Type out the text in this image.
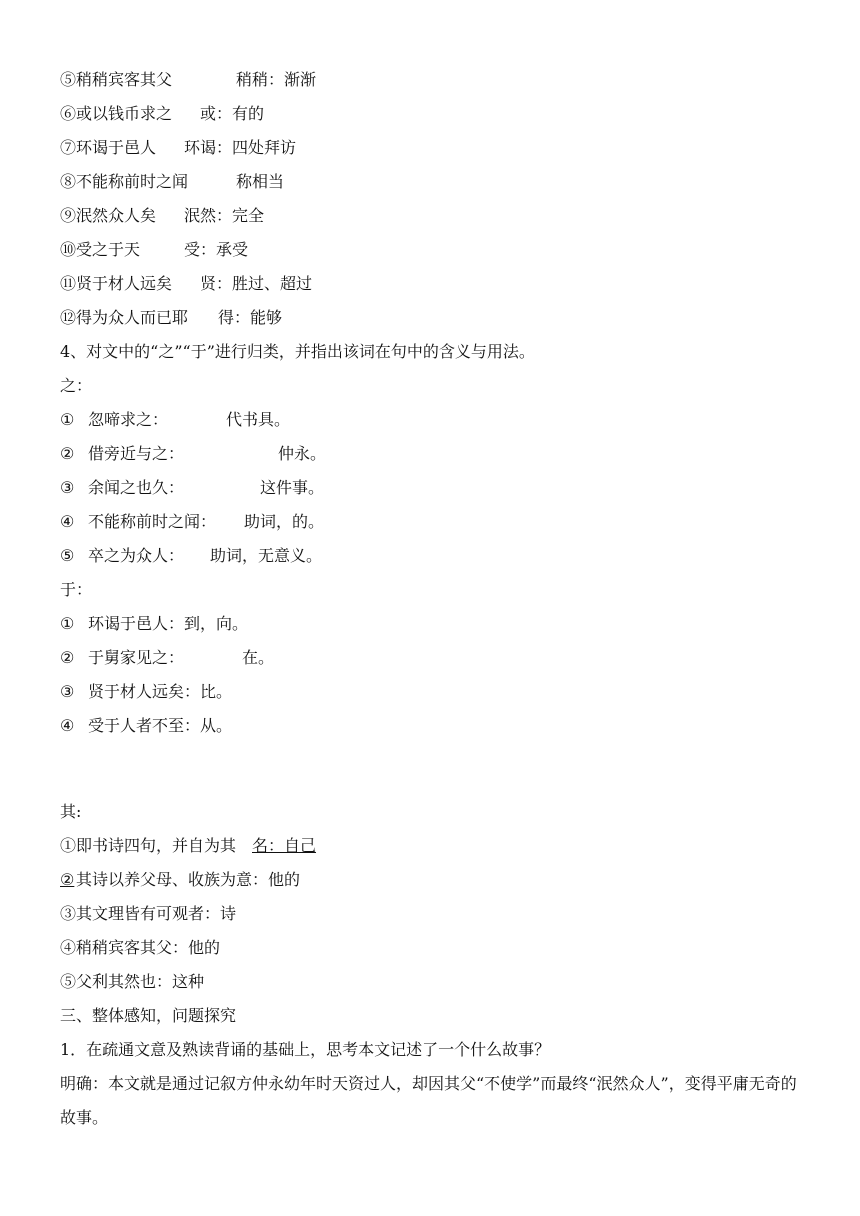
⑤稍稍宾客其父	稍稍：渐渐
⑥或以钱币求之 或：有的
⑦环谒于邑人 环谒：四处拜访
⑧不能称前时之闻	称相当
⑨泯然众人矣 泯然：完全
⑩受之于天	受：承受
⑪贤于材人远矣 贤：胜过、超过
⑫得为众人而已耶 得：能够
4、对文中的“之”“于”进行归类，并指出该词在句中的含义与用法。
之：
① 忽啼求之：	代书具。
② 借旁近与之：	仲永。
③ 余闻之也久：	这件事。
④ 不能称前时之闻： 助词，的。
⑤ 卒之为众人： 助词，无意义。
于：
① 环谒于邑人：到，向。
② 于舅家见之：	在。
③ 贤于材人远矣：比。
④ 受于人者不至：从。
其:
①即书诗四句，并自为其 名：自己
② 其诗以养父母、收族为意：他的
③其文理皆有可观者：诗
④稍稍宾客其父：他的
⑤父利其然也：这种
三、整体感知，问题探究
1．在疏通文意及熟读背诵的基础上，思考本文记述了一个什么故事？
明确：本文就是通过记叙方仲永幼年时天资过人，却因其父“不使学”而最终“泯然众人”，变得平庸无奇的故事。
